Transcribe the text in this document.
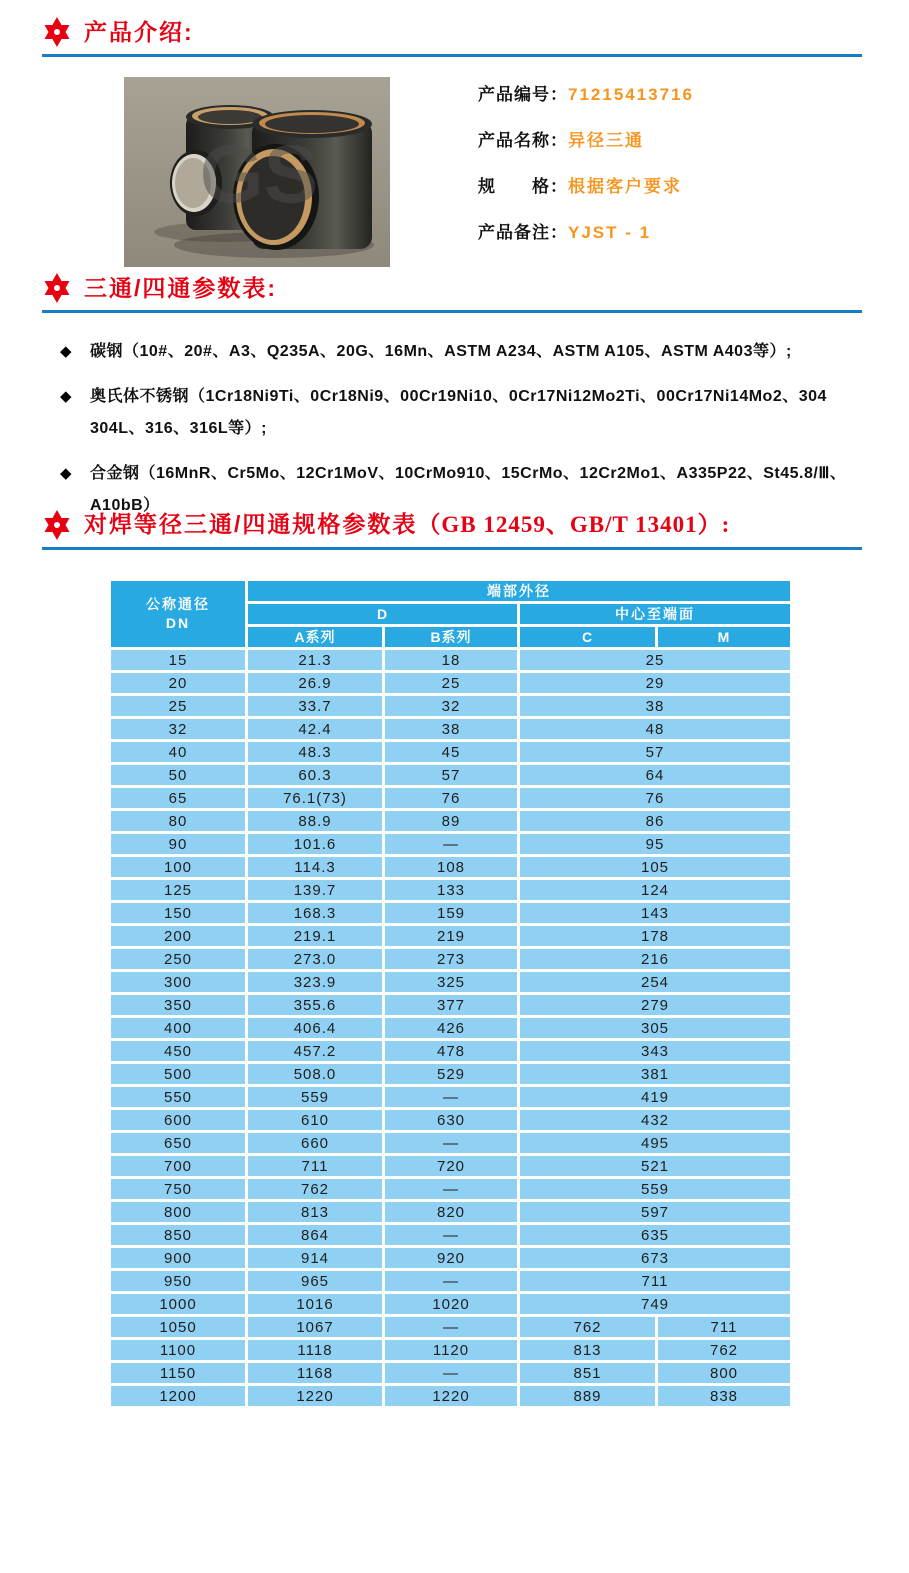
产品介绍:
GS
产品编号： 71215413716
产品名称： 异径三通
规　　格： 根据客户要求
产品备注： YJST - 1
三通/四通参数表:
◆	碳钢（10#、20#、A3、Q235A、20G、16Mn、ASTM A234、ASTM A105、ASTM A403等）;
◆	奥氏体不锈钢（1Cr18Ni9Ti、0Cr18Ni9、00Cr19Ni10、0Cr17Ni12Mo2Ti、00Cr17Ni14Mo2、304
304L、316、316L等）;
◆	合金钢（16MnR、Cr5Mo、12Cr1MoV、10CrMo910、15CrMo、12Cr2Mo1、A335P22、St45.8/Ⅲ、
A10bB）
对焊等径三通/四通规格参数表（GB 12459、GB/T 13401）:
公称通径
DN	端部外径			
	D		中心至端面	
	A系列	B系列	C	M
15	21.3	18	25	
20	26.9	25	29	
25	33.7	32	38	
32	42.4	38	48	
40	48.3	45	57	
50	60.3	57	64	
65	76.1(73)	76	76	
80	88.9	89	86	
90	101.6	—	95	
100	114.3	108	105	
125	139.7	133	124	
150	168.3	159	143	
200	219.1	219	178	
250	273.0	273	216	
300	323.9	325	254	
350	355.6	377	279	
400	406.4	426	305	
450	457.2	478	343	
500	508.0	529	381	
550	559	—	419	
600	610	630	432	
650	660	—	495	
700	711	720	521	
750	762	—	559	
800	813	820	597	
850	864	—	635	
900	914	920	673	
950	965	—	711	
1000	1016	1020	749	
1050	1067	—	762	711
1100	1118	1120	813	762
1150	1168	—	851	800
1200	1220	1220	889	838
